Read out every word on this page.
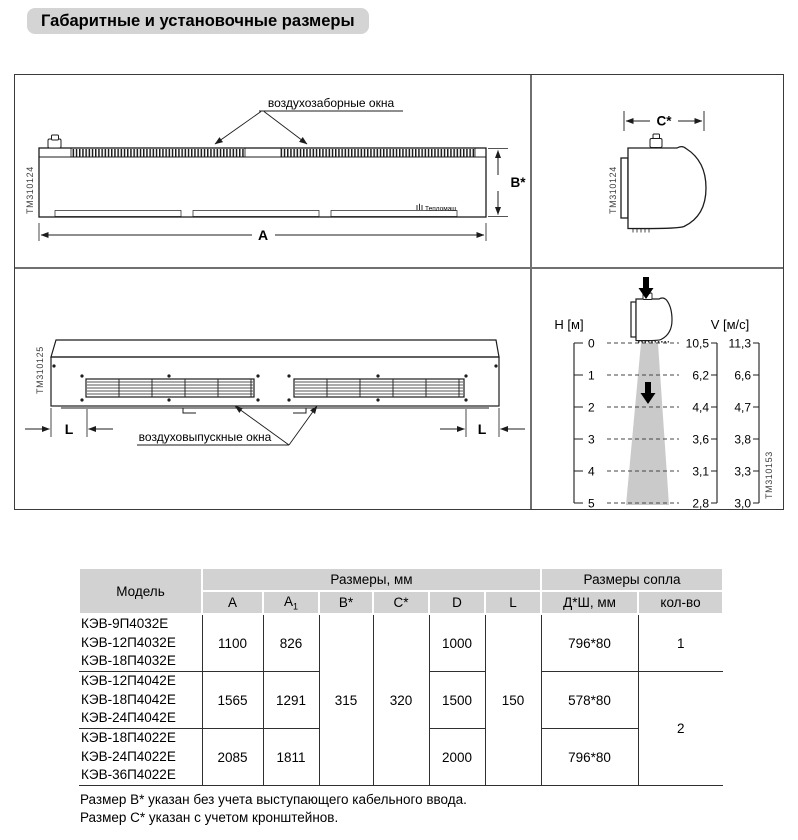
Габаритные и установочные размеры
ТМ310124	Тепломаш
воздухозаборные окна
B*
A
ТМ310124
C*
ТМ310125
L	L
воздуховыпускные окна
H [м]	V [м/с]
0
1
2
3
4
5
10,5
6,2
4,4
3,6
3,1
2,8
11,3
6,6
4,7
3,8
3,3
3,0
ТМ310153
Модель	Размеры, мм						Размеры сопла	
	A	$A_1$	B*	C*	D	L	Д*Ш, мм	кол-во

КЭВ-9П4032Е
КЭВ-12П4032Е
КЭВ-18П4032Е	1100	826	315	320	1000	150	796*80	1

КЭВ-12П4042Е
КЭВ-18П4042Е
КЭВ-24П4042Е	1565	1291			1500		578*80	2

КЭВ-18П4022Е
КЭВ-24П4022Е
КЭВ-36П4022Е	2085	1811			2000		796*80	
Размер В* указан без учета выступающего кабельного ввода.
Размер С* указан с учетом кронштейнов.
